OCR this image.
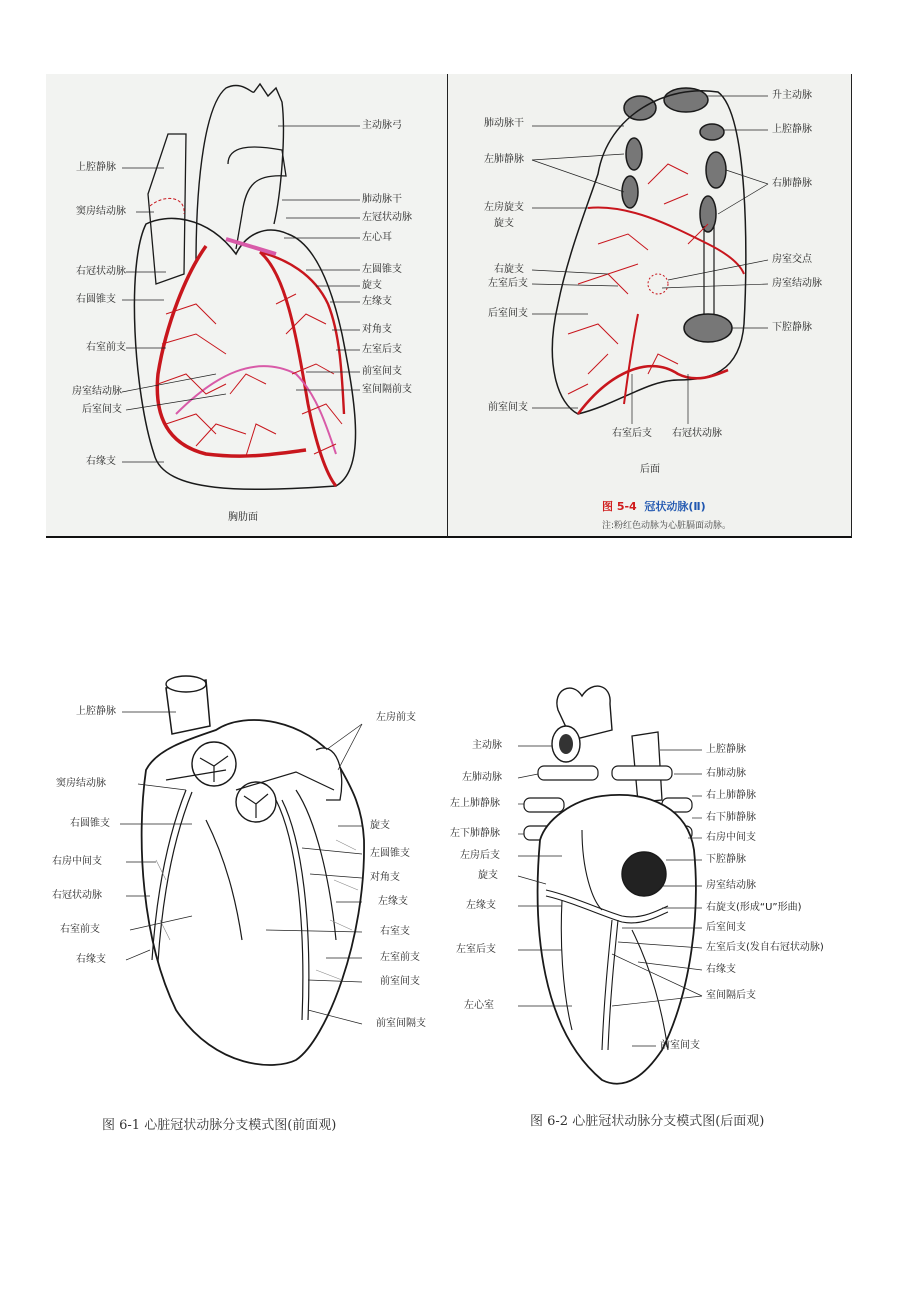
上腔静脉
窦房结动脉
右冠状动脉
右圆锥支
右室前支
房室结动脉
后室间支
右缘支
主动脉弓
肺动脉干
左冠状动脉
左心耳
左圆锥支
旋支
左缘支
对角支
左室后支
前室间支
室间隔前支
胸肋面
肺动脉干
左肺静脉
左房旋支
旋支
右旋支
左室后支
后室间支
前室间支
升主动脉
上腔静脉
右肺静脉
房室交点
房室结动脉
下腔静脉
右室后支 右冠状动脉
后面
图 5-4 冠状动脉(Ⅱ)
注:粉红色动脉为心脏膈面动脉。
上腔静脉
窦房结动脉
右圆锥支
右房中间支
右冠状动脉
右室前支
右缘支
左房前支
旋支
左圆锥支
对角支
左缘支
右室支
左室前支
前室间支
前室间隔支
图 6-1 心脏冠状动脉分支模式图(前面观)
主动脉
左肺动脉
左上肺静脉
左下肺静脉
左房后支
旋支
左缘支
左室后支
左心室
上腔静脉
右肺动脉
右上肺静脉
右下肺静脉
右房中间支
下腔静脉
房室结动脉
右旋支(形成“U”形曲)
后室间支
左室后支(发自右冠状动脉)
右缘支
室间隔后支
前室间支
图 6-2 心脏冠状动脉分支模式图(后面观)
